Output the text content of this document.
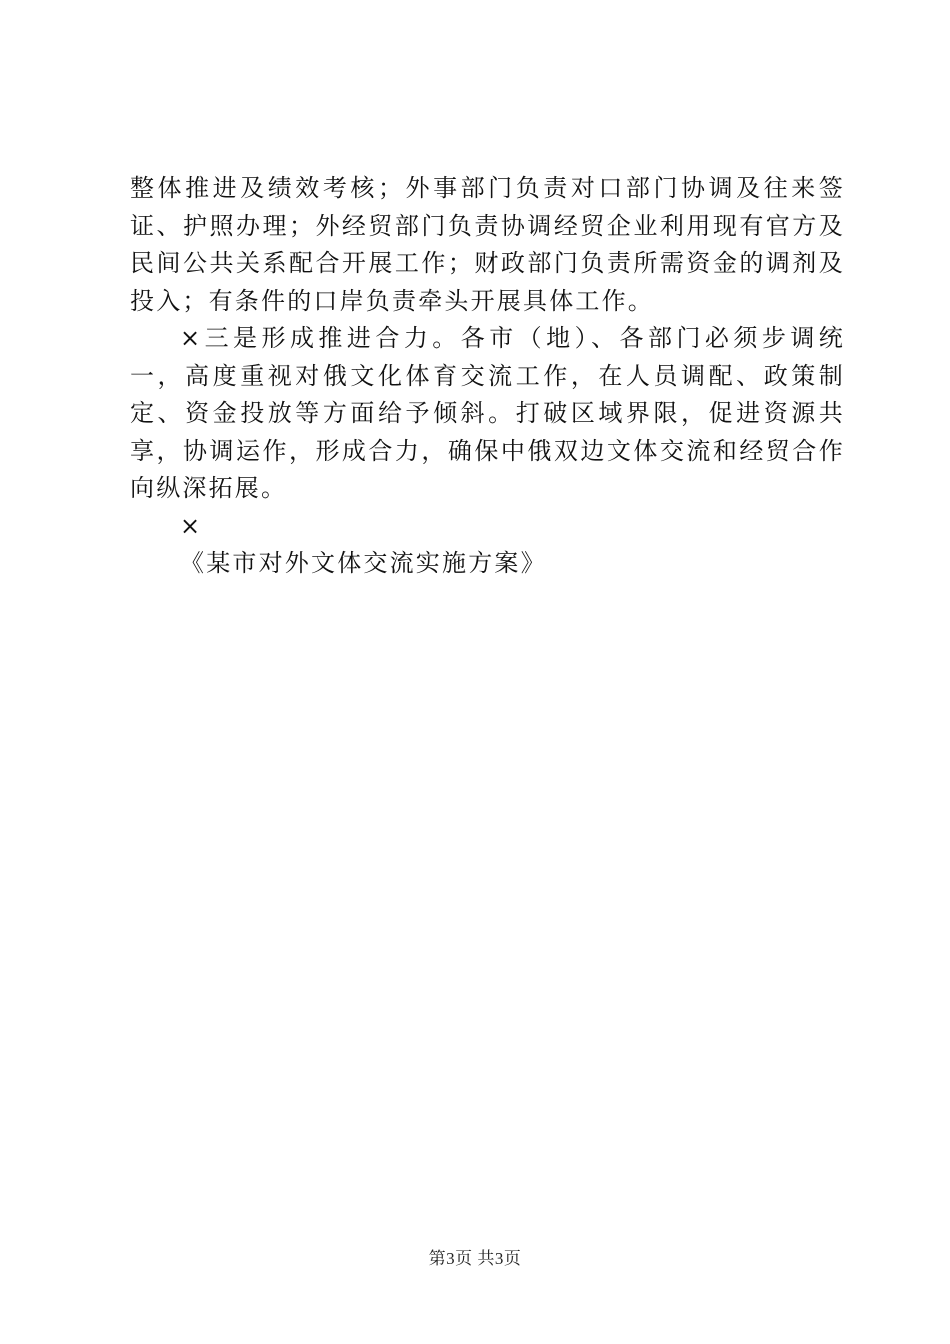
整体推进及绩效考核；外事部门负责对口部门协调及往来签证、护照办理；外经贸部门负责协调经贸企业利用现有官方及民间公共关系配合开展工作；财政部门负责所需资金的调剂及投入；有条件的口岸负责牵头开展具体工作。

×三是形成推进合力。各市（地）、各部门必须步调统一，高度重视对俄文化体育交流工作，在人员调配、政策制定、资金投放等方面给予倾斜。打破区域界限，促进资源共享，协调运作，形成合力，确保中俄双边文体交流和经贸合作向纵深拓展。

×

《某市对外文体交流实施方案》

第3页 共3页
